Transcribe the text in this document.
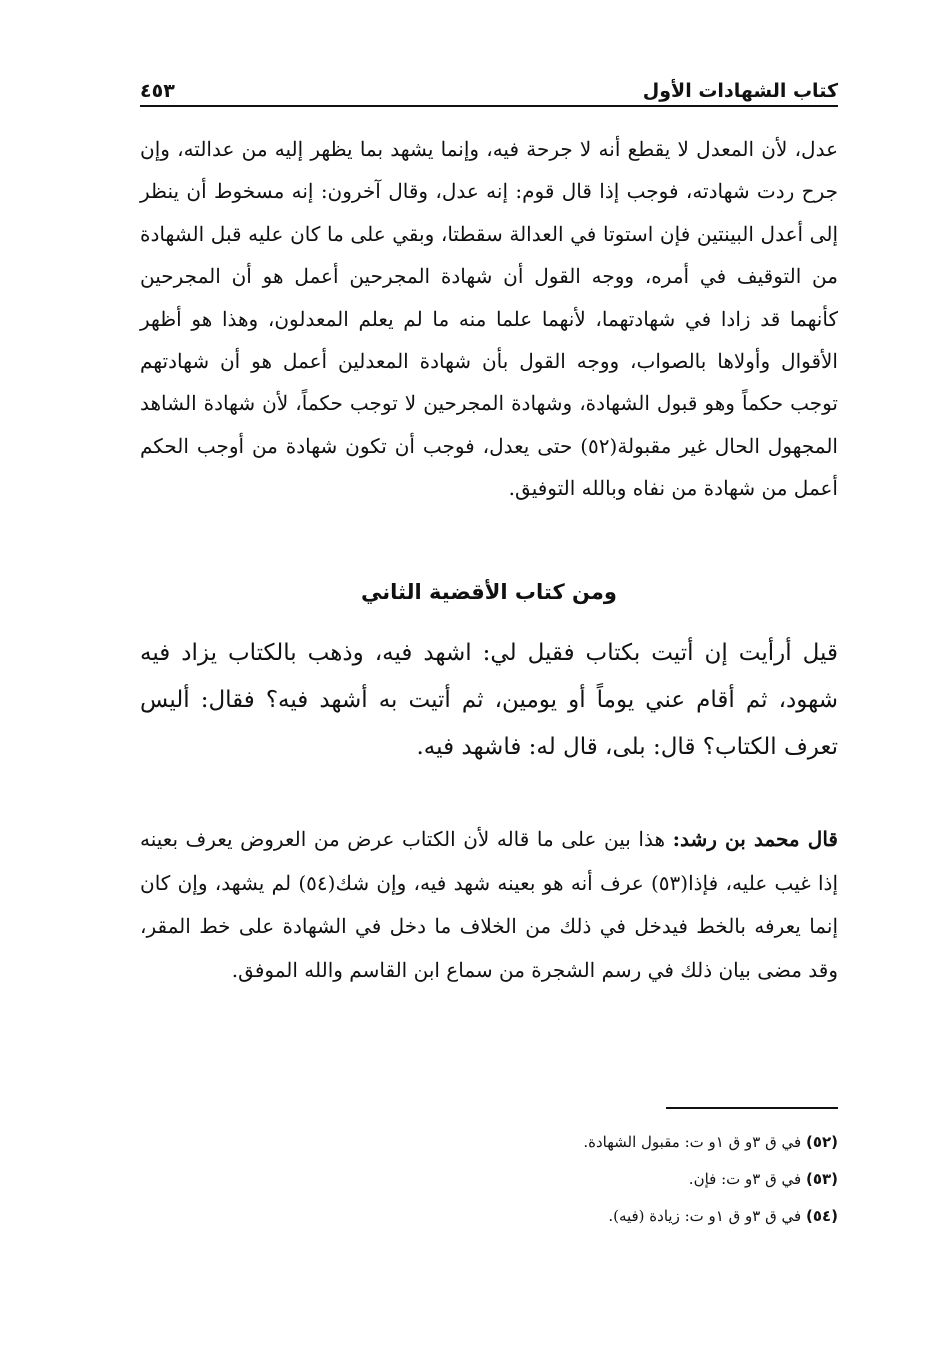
كتاب الشهادات الأول
٤٥٣

عدل، لأن المعدل لا يقطع أنه لا جرحة فيه، وإنما يشهد بما يظهر إليه من عدالته، وإن جرح ردت شهادته، فوجب إذا قال قوم: إنه عدل، وقال آخرون: إنه مسخوط أن ينظر إلى أعدل البينتين فإن استوتا في العدالة سقطتا، وبقي على ما كان عليه قبل الشهادة من التوقيف في أمره، ووجه القول أن شهادة المجرحين أعمل هو أن المجرحين كأنهما قد زادا في شهادتهما، لأنهما علما منه ما لم يعلم المعدلون، وهذا هو أظهر الأقوال وأولاها بالصواب، ووجه القول بأن شهادة المعدلين أعمل هو أن شهادتهم توجب حكماً وهو قبول الشهادة، وشهادة المجرحين لا توجب حكماً، لأن شهادة الشاهد المجهول الحال غير مقبولة(٥٢) حتى يعدل، فوجب أن تكون شهادة من أوجب الحكم أعمل من شهادة من نفاه وبالله التوفيق.

ومن كتاب الأقضية الثاني

قيل أرأيت إن أتيت بكتاب فقيل لي: اشهد فيه، وذهب بالكتاب يزاد فيه شهود، ثم أقام عني يوماً أو يومين، ثم أتيت به أشهد فيه؟ فقال: أليس تعرف الكتاب؟ قال: بلى، قال له: فاشهد فيه.

قال محمد بن رشد: هذا بين على ما قاله لأن الكتاب عرض من العروض يعرف بعينه إذا غيب عليه، فإذا(٥٣) عرف أنه هو بعينه شهد فيه، وإن شك(٥٤) لم يشهد، وإن كان إنما يعرفه بالخط فيدخل في ذلك من الخلاف ما دخل في الشهادة على خط المقر، وقد مضى بيان ذلك في رسم الشجرة من سماع ابن القاسم والله الموفق.

(٥٢) في ق ٣و ق ١و ت: مقبول الشهادة.
(٥٣) في ق ٣و ت: فإن.
(٥٤) في ق ٣و ق ١و ت: زيادة (فيه).
